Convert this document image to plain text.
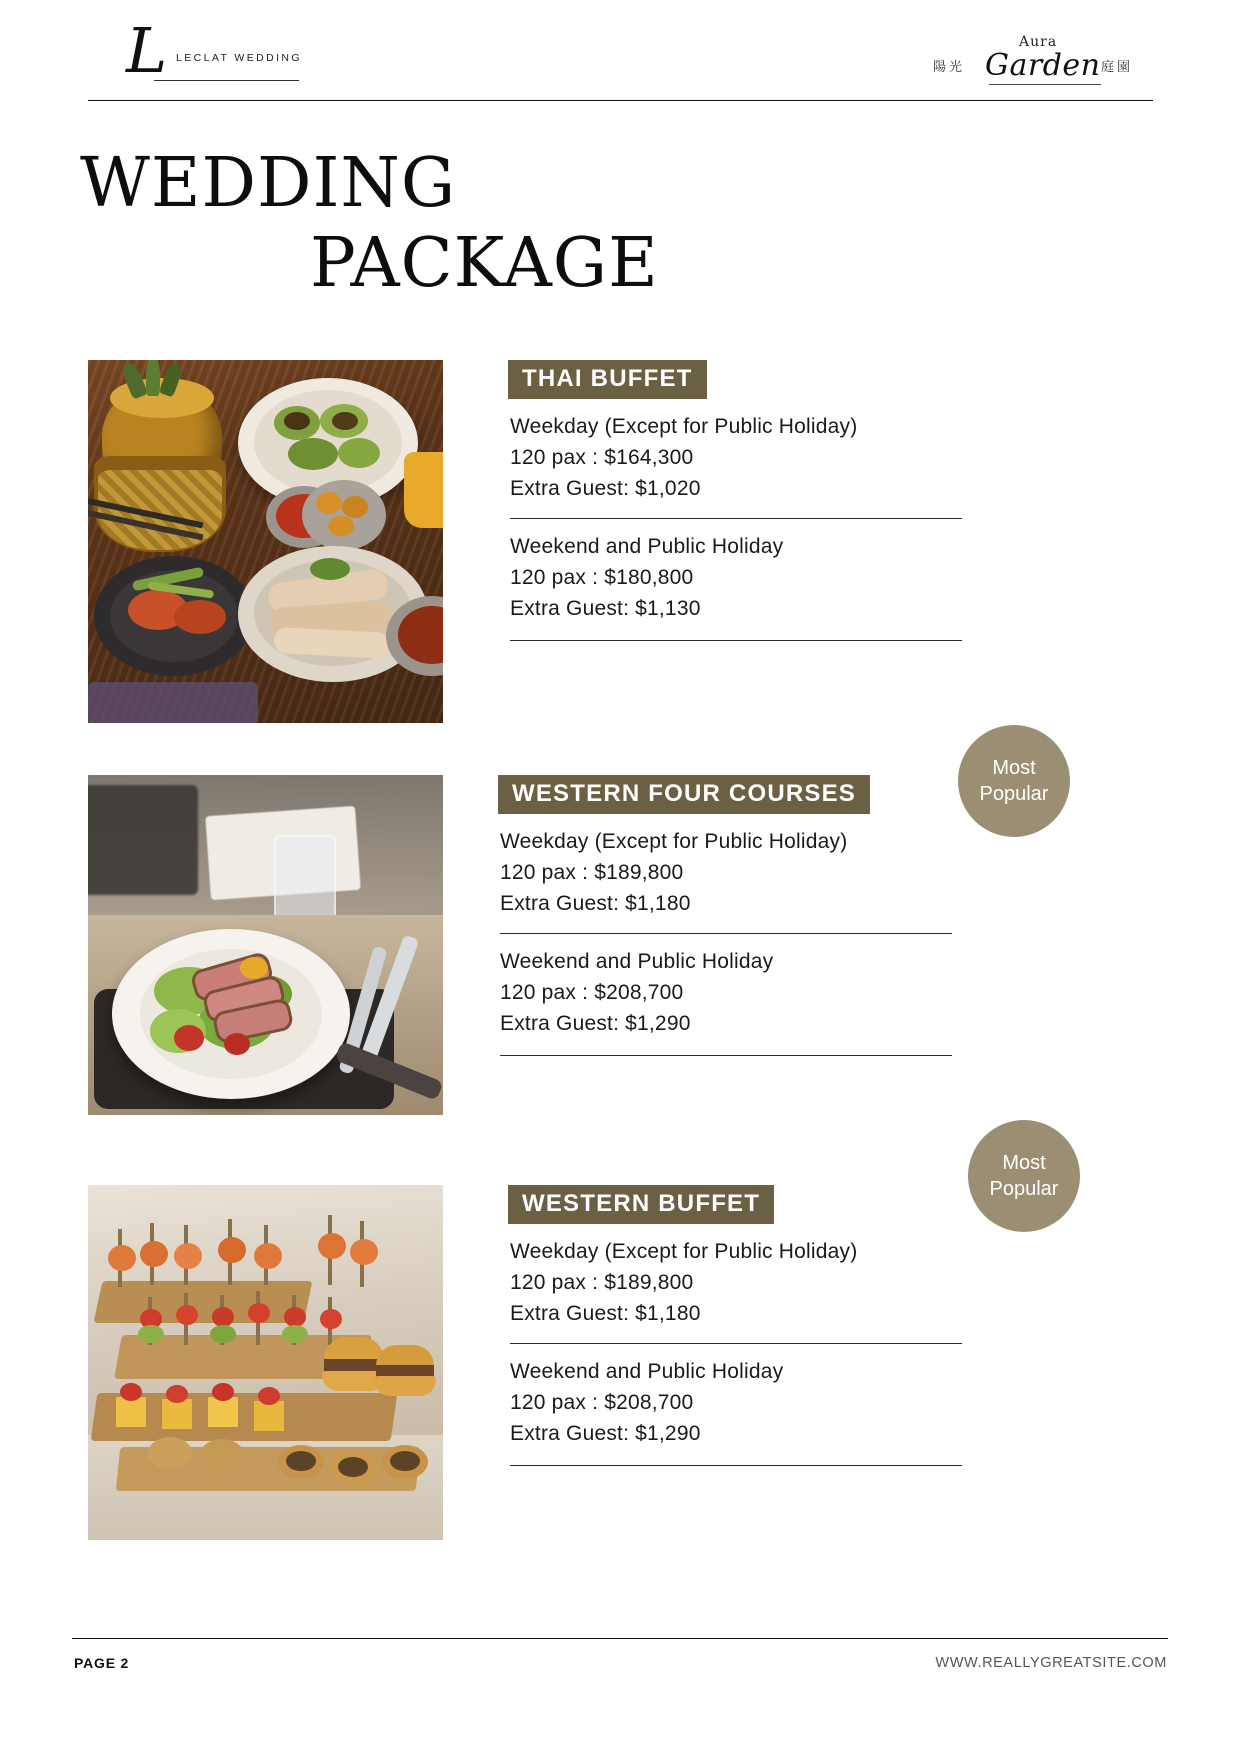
L LECLAT WEDDING
陽光
Aura
Garden 庭園
WEDDING
PACKAGE
THAI BUFFET
Weekday (Except for Public Holiday)
120 pax : $164,300
Extra Guest: $1,020
Weekend and Public Holiday
120 pax : $180,800
Extra Guest: $1,130
WESTERN FOUR COURSES
Weekday (Except for Public Holiday)
120 pax : $189,800
Extra Guest: $1,180
Weekend and Public Holiday
120 pax : $208,700
Extra Guest: $1,290
Most
Popular
WESTERN BUFFET
Weekday (Except for Public Holiday)
120 pax : $189,800
Extra Guest: $1,180
Weekend and Public Holiday
120 pax : $208,700
Extra Guest: $1,290
Most
Popular
PAGE 2	WWW.REALLYGREATSITE.COM
